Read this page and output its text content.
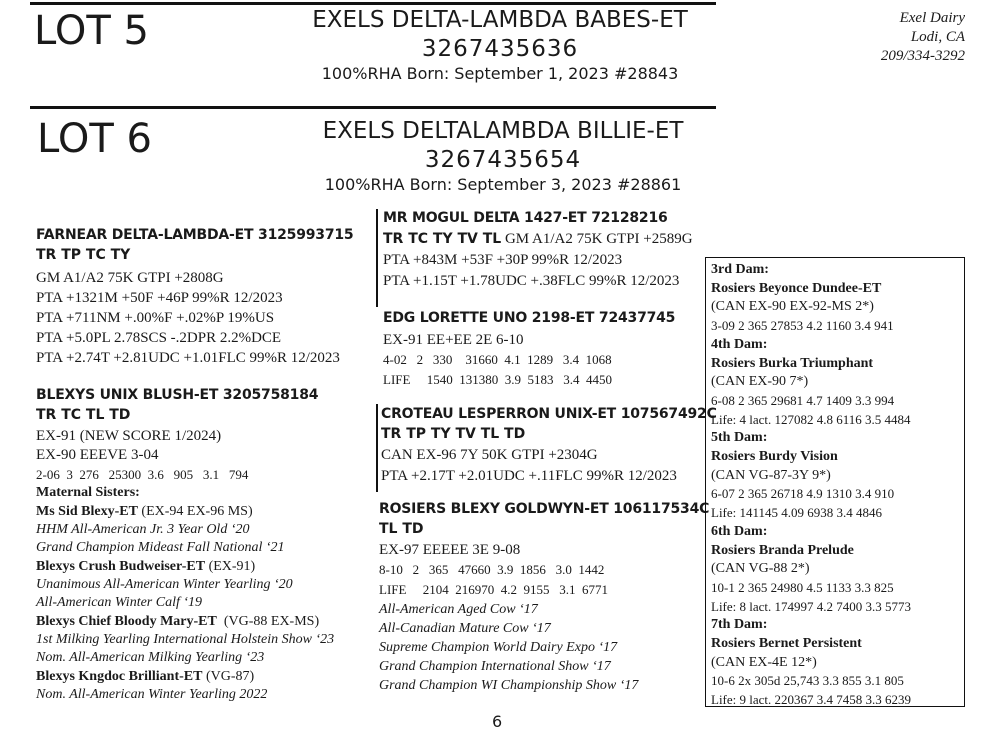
LOT 5	EXELS DELTA-LAMBDA BABES-ET
3267435636
100%RHA Born: September 1, 2023 #28843
Exel Dairy
Lodi, CA
209/334-3292
LOT 6	EXELS DELTALAMBDA BILLIE-ET
3267435654
100%RHA Born: September 3, 2023 #28861
FARNEAR DELTA-LAMBDA-ET 3125993715
TR TP TC TY
GM A1/A2 75K GTPI +2808G
PTA +1321M +50F +46P 99%R 12/2023
PTA +711NM +.00%F +.02%P 19%US
PTA +5.0PL 2.78SCS -.2DPR 2.2%DCE
PTA +2.74T +2.81UDC +1.01FLC 99%R 12/2023
BLEXYS UNIX BLUSH-ET 3205758184
TR TC TL TD
EX-91 (NEW SCORE 1/2024)
EX-90 EEEVE 3-04
2-06  3  276   25300  3.6   905   3.1   794
Maternal Sisters:
Ms Sid Blexy-ET (EX-94 EX-96 MS)
HHM All-American Jr. 3 Year Old ‘20
Grand Champion Mideast Fall National ‘21
Blexys Crush Budweiser-ET (EX-91)
Unanimous All-American Winter Yearling ‘20
All-American Winter Calf ‘19
Blexys Chief Bloody Mary-ET  (VG-88 EX-MS)
1st Milking Yearling International Holstein Show ‘23
Nom. All-American Milking Yearling ‘23
Blexys Kngdoc Brilliant-ET (VG-87)
Nom. All-American Winter Yearling 2022
MR MOGUL DELTA 1427-ET 72128216
TR TC TY TV TL GM A1/A2 75K GTPI +2589G
PTA +843M +53F +30P 99%R 12/2023
PTA +1.15T +1.78UDC +.38FLC 99%R 12/2023
EDG LORETTE UNO 2198-ET 72437745
EX-91 EE+EE 2E 6-10
4-02   2   330    31660  4.1  1289   3.4  1068
LIFE     1540  131380  3.9  5183   3.4  4450
CROTEAU LESPERRON UNIX-ET 107567492C
TR TP TY TV TL TD
CAN EX-96 7Y 50K GTPI +2304G
PTA +2.17T +2.01UDC +.11FLC 99%R 12/2023
ROSIERS BLEXY GOLDWYN-ET 106117534C
TL TD
EX-97 EEEEE 3E 9-08
8-10   2   365   47660  3.9  1856   3.0  1442
LIFE     2104  216970  4.2  9155   3.1  6771
All-American Aged Cow ‘17
All-Canadian Mature Cow ‘17
Supreme Champion World Dairy Expo ‘17
Grand Champion International Show ‘17
Grand Champion WI Championship Show ‘17
3rd Dam:
Rosiers Beyonce Dundee-ET
(CAN EX-90 EX-92-MS 2*)
3-09 2 365 27853 4.2 1160 3.4 941
4th Dam:
Rosiers Burka Triumphant
(CAN EX-90 7*)
6-08 2 365 29681 4.7 1409 3.3 994
Life: 4 lact. 127082 4.8 6116 3.5 4484
5th Dam:
Rosiers Burdy Vision
(CAN VG-87-3Y 9*)
6-07 2 365 26718 4.9 1310 3.4 910
Life: 141145 4.09 6938 3.4 4846
6th Dam:
Rosiers Branda Prelude
(CAN VG-88 2*)
10-1 2 365 24980 4.5 1133 3.3 825
Life: 8 lact. 174997 4.2 7400 3.3 5773
7th Dam:
Rosiers Bernet Persistent
(CAN EX-4E 12*)
10-6 2x 305d 25,743 3.3 855 3.1 805
Life: 9 lact. 220367 3.4 7458 3.3 6239
6
